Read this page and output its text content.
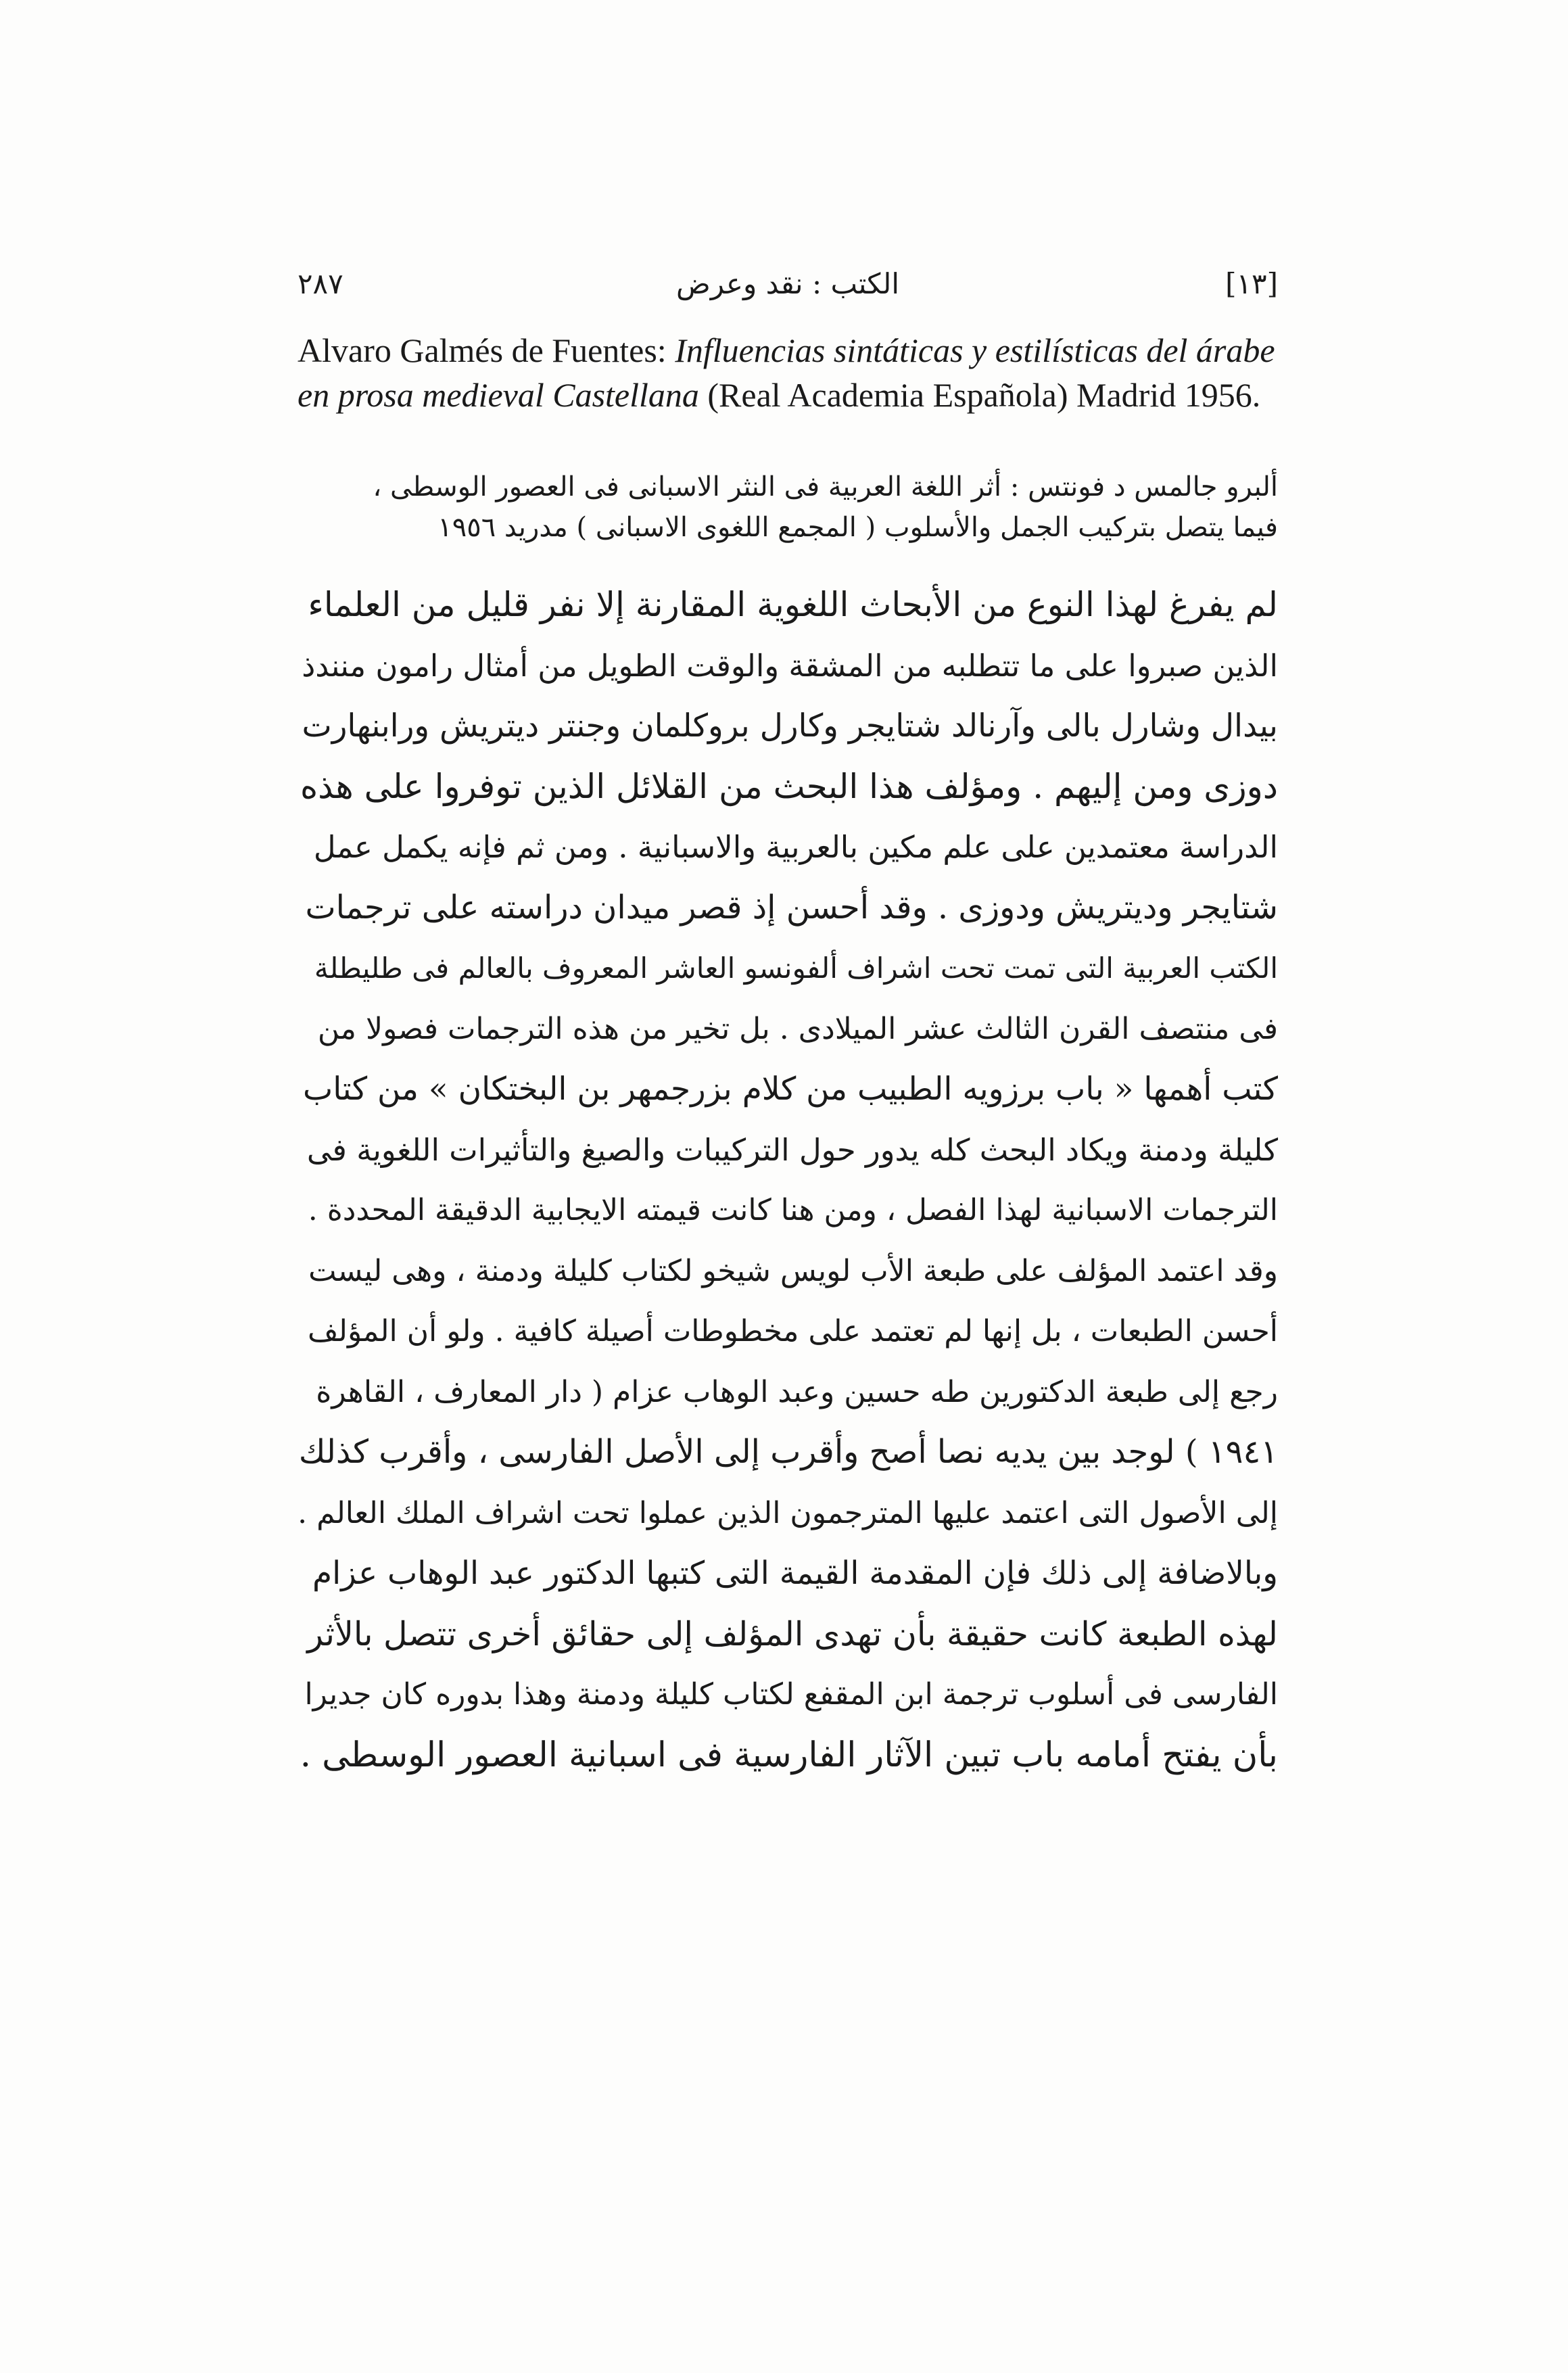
٢٨٧	الكتب : نقد وعرض	[١٣]
Alvaro Galmés de Fuentes: Influencias sintáticas y estilísticas del árabe en prosa medieval Castellana (Real Academia Española) Madrid 1956.
ألبرو جالمس د فونتس : أثر اللغة العربية فى النثر الاسبانى فى العصور الوسطى ،
فيما يتصل بتركيب الجمل والأسلوب ( المجمع اللغوى الاسبانى ) مدريد ١٩٥٦
لم يفرغ لهذا النوع من الأبحاث اللغوية المقارنة إلا نفر قليل من العلماء
الذين صبروا على ما تتطلبه من المشقة والوقت الطويل من أمثال رامون منندذ
بيدال وشارل بالى وآرنالد شتايجر وكارل بروكلمان وجنتر ديتريش ورابنهارت
دوزى ومن إليهم . ومؤلف هذا البحث من القلائل الذين توفروا على هذه
الدراسة معتمدين على علم مكين بالعربية والاسبانية . ومن ثم فإنه يكمل عمل
شتايجر وديتريش ودوزى . وقد أحسن إذ قصر ميدان دراسته على ترجمات
الكتب العربية التى تمت تحت اشراف ألفونسو العاشر المعروف بالعالم فى طليطلة
فى منتصف القرن الثالث عشر الميلادى . بل تخير من هذه الترجمات فصولا من
كتب أهمها « باب برزويه الطبيب من كلام بزرجمهر بن البختكان » من كتاب
كليلة ودمنة ويكاد البحث كله يدور حول التركيبات والصيغ والتأثيرات اللغوية فى
الترجمات الاسبانية لهذا الفصل ، ومن هنا كانت قيمته الايجابية الدقيقة المحددة .
وقد اعتمد المؤلف على طبعة الأب لويس شيخو لكتاب كليلة ودمنة ، وهى ليست
أحسن الطبعات ، بل إنها لم تعتمد على مخطوطات أصيلة كافية . ولو أن المؤلف
رجع إلى طبعة الدكتورين طه حسين وعبد الوهاب عزام ( دار المعارف ، القاهرة
١٩٤١ ) لوجد بين يديه نصا أصح وأقرب إلى الأصل الفارسى ، وأقرب كذلك
إلى الأصول التى اعتمد عليها المترجمون الذين عملوا تحت اشراف الملك العالم .
وبالاضافة إلى ذلك فإن المقدمة القيمة التى كتبها الدكتور عبد الوهاب عزام
لهذه الطبعة كانت حقيقة بأن تهدى المؤلف إلى حقائق أخرى تتصل بالأثر
الفارسى فى أسلوب ترجمة ابن المقفع لكتاب كليلة ودمنة وهذا بدوره كان جديرا
بأن يفتح أمامه باب تبين الآثار الفارسية فى اسبانية العصور الوسطى .
